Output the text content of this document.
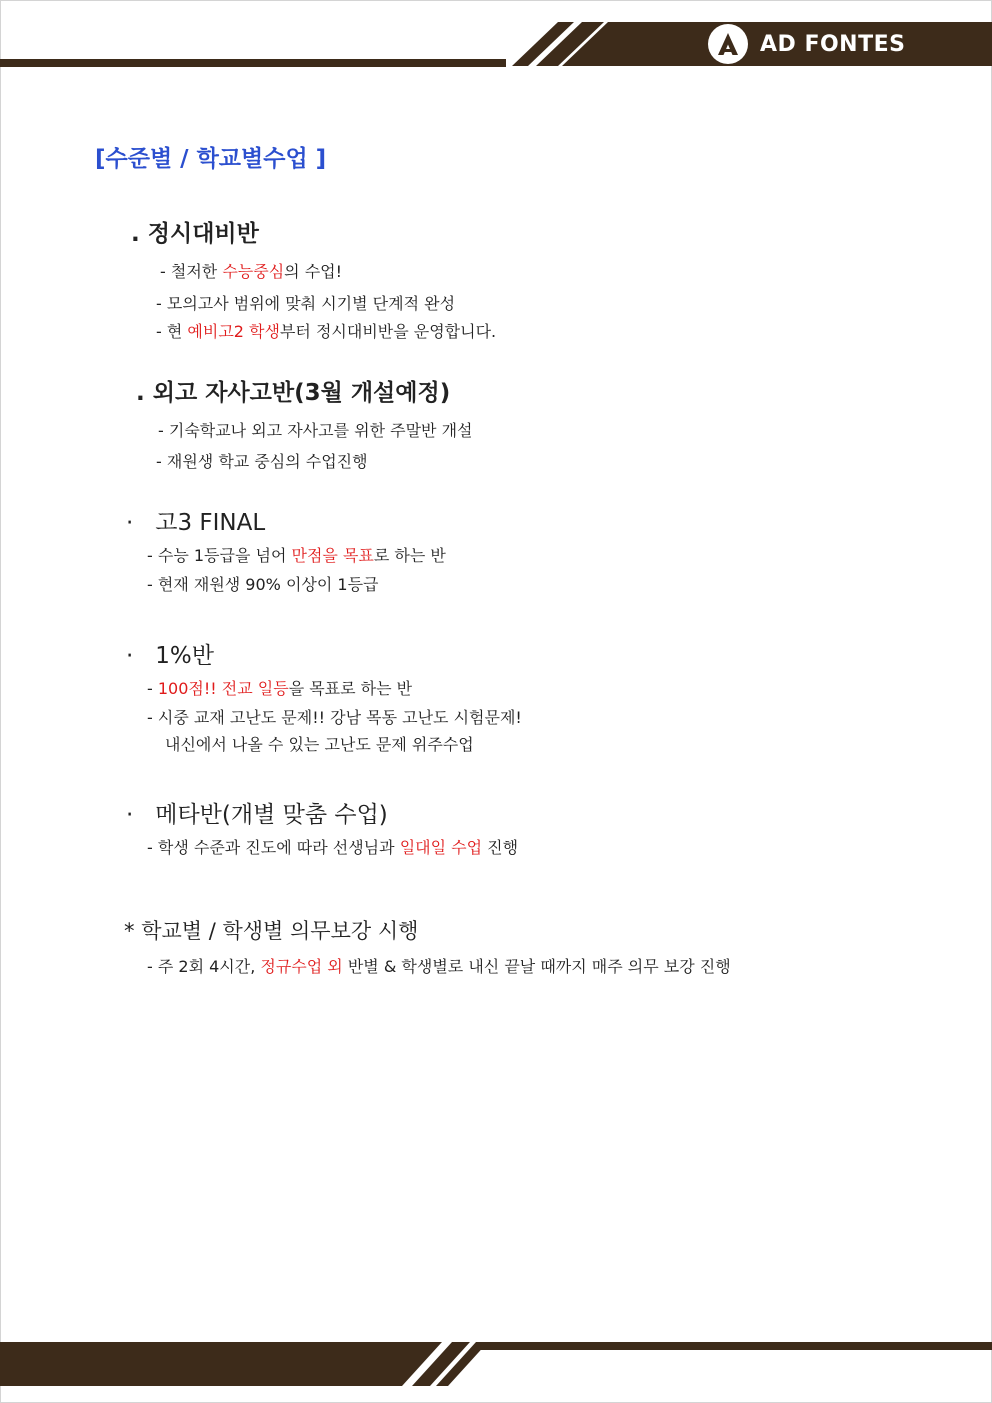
AD FONTES
[수준별 / 학교별수업 ]
. 정시대비반
- 철저한 수능중심의 수업!
- 모의고사 범위에 맞춰 시기별 단계적 완성
- 현 예비고2 학생부터 정시대비반을 운영합니다.
. 외고 자사고반(3월 개설예정)
- 기숙학교나 외고 자사고를 위한 주말반 개설
- 재원생 학교 중심의 수업진행
· 고3 FINAL
- 수능 1등급을 넘어 만점을 목표로 하는 반
- 현재 재원생 90% 이상이 1등급
· 1%반
- 100점!! 전교 일등을 목표로 하는 반
- 시중 교재 고난도 문제!! 강남 목동 고난도 시험문제!
내신에서 나올 수 있는 고난도 문제 위주수업
· 메타반(개별 맞춤 수업)
- 학생 수준과 진도에 따라 선생님과 일대일 수업 진행
* 학교별 / 학생별 의무보강 시행
- 주 2회 4시간, 정규수업 외 반별 & 학생별로 내신 끝날 때까지 매주 의무 보강 진행
